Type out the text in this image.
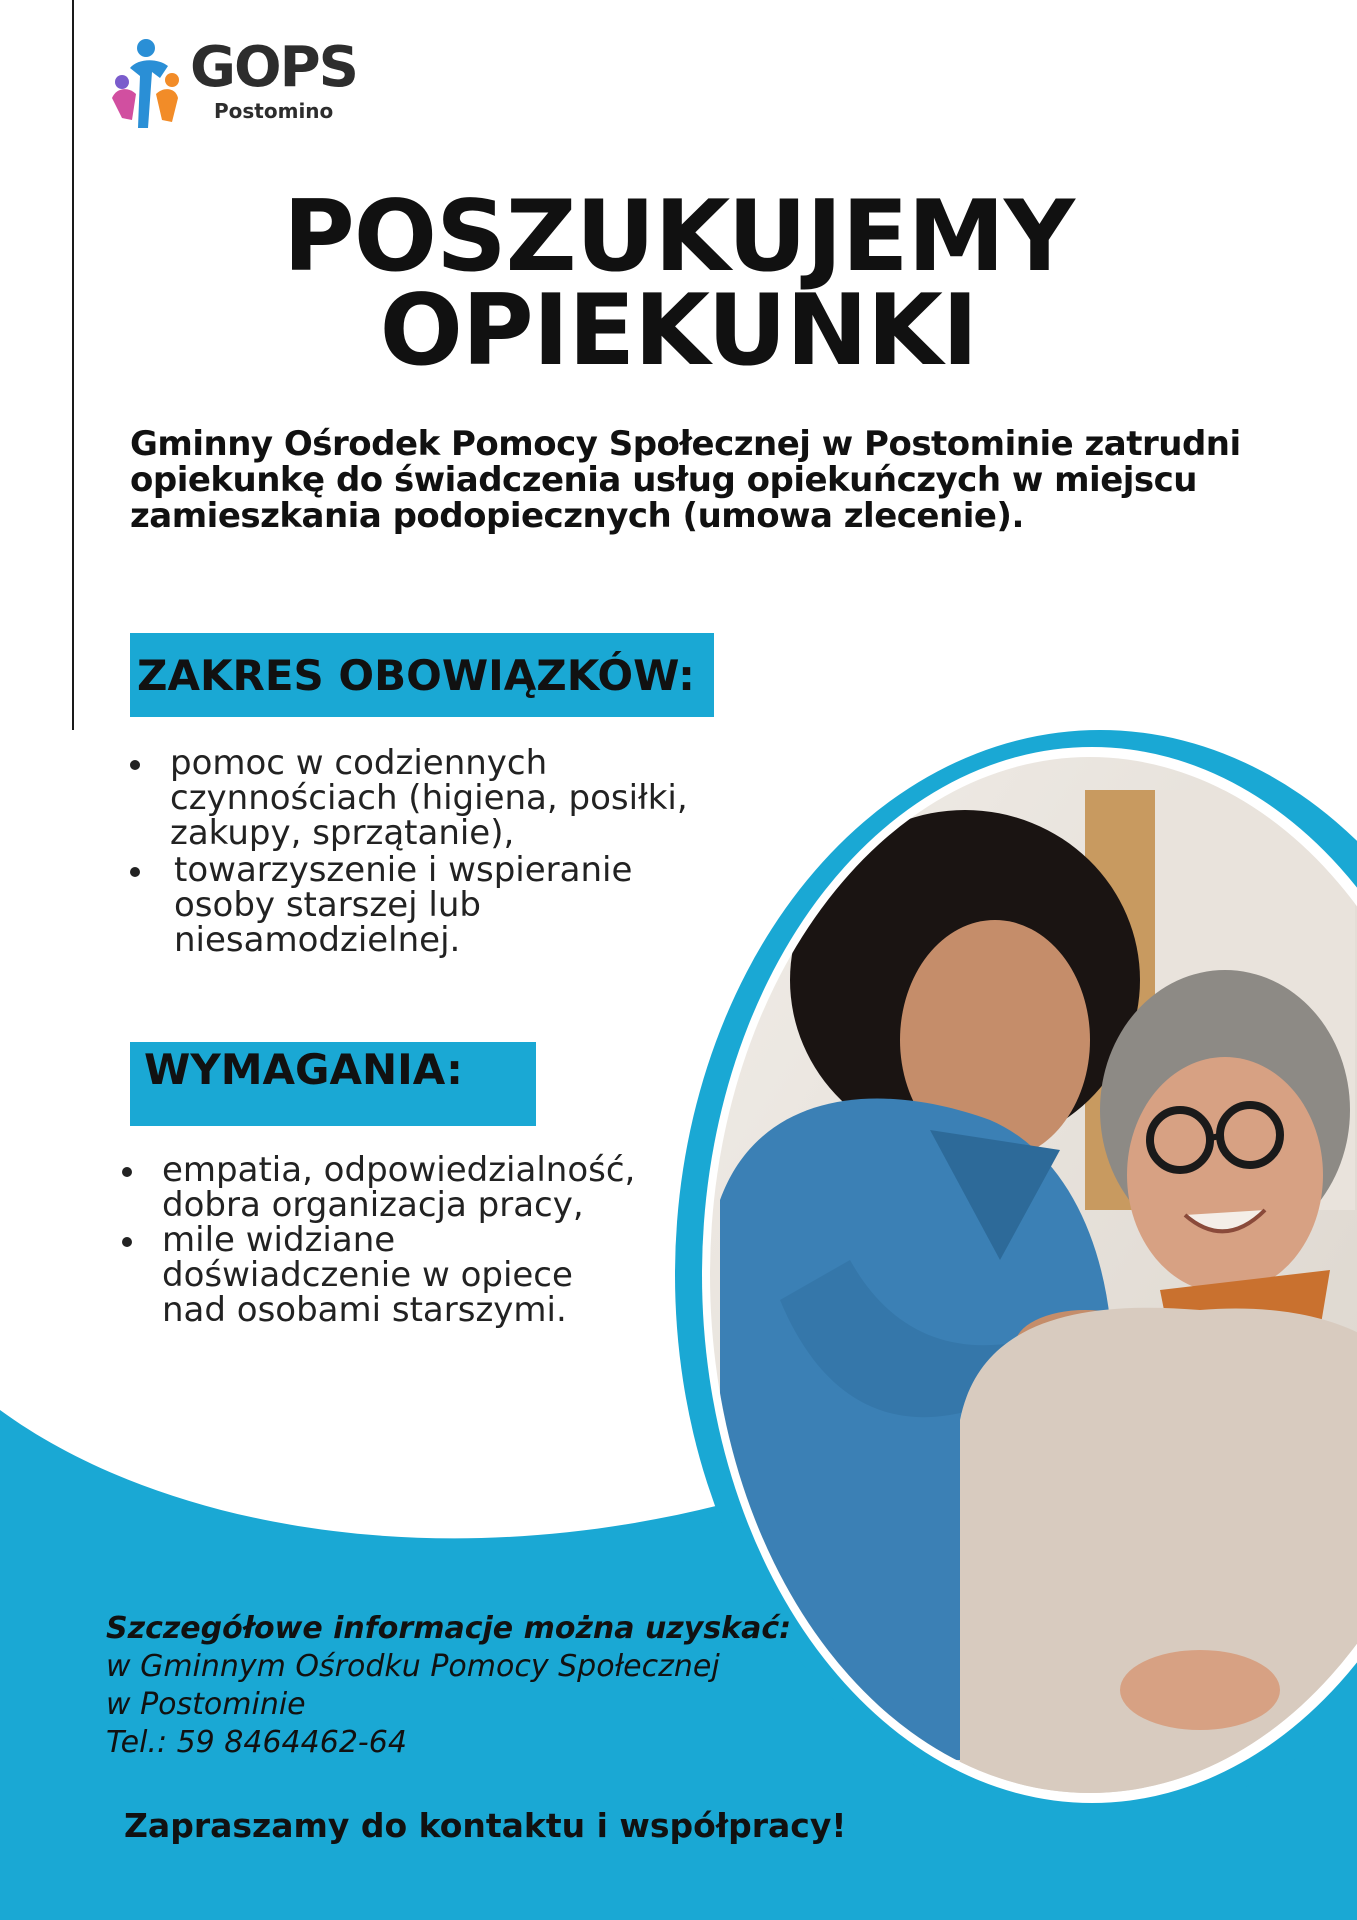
GOPS
Postomino
POSZUKUJEMY
OPIEKUNKI
Gminny Ośrodek Pomocy Społecznej w Postominie zatrudni opiekunkę do świadczenia usług opiekuńczych w miejscu zamieszkania podopiecznych (umowa zlecenie).
ZAKRES OBOWIĄZKÓW:
pomoc w codziennych czynnościach (higiena, posiłki, zakupy, sprzątanie),
towarzyszenie i wspieranie osoby starszej lub niesamodzielnej.
WYMAGANIA:
empatia, odpowiedzialność, dobra organizacja pracy,
mile widziane doświadczenie w opiece nad osobami starszymi.
Szczegółowe informacje można uzyskać:
w Gminnym Ośrodku Pomocy Społecznej
w Postominie
Tel.: 59 8464462-64
Zapraszamy do kontaktu i współpracy!
